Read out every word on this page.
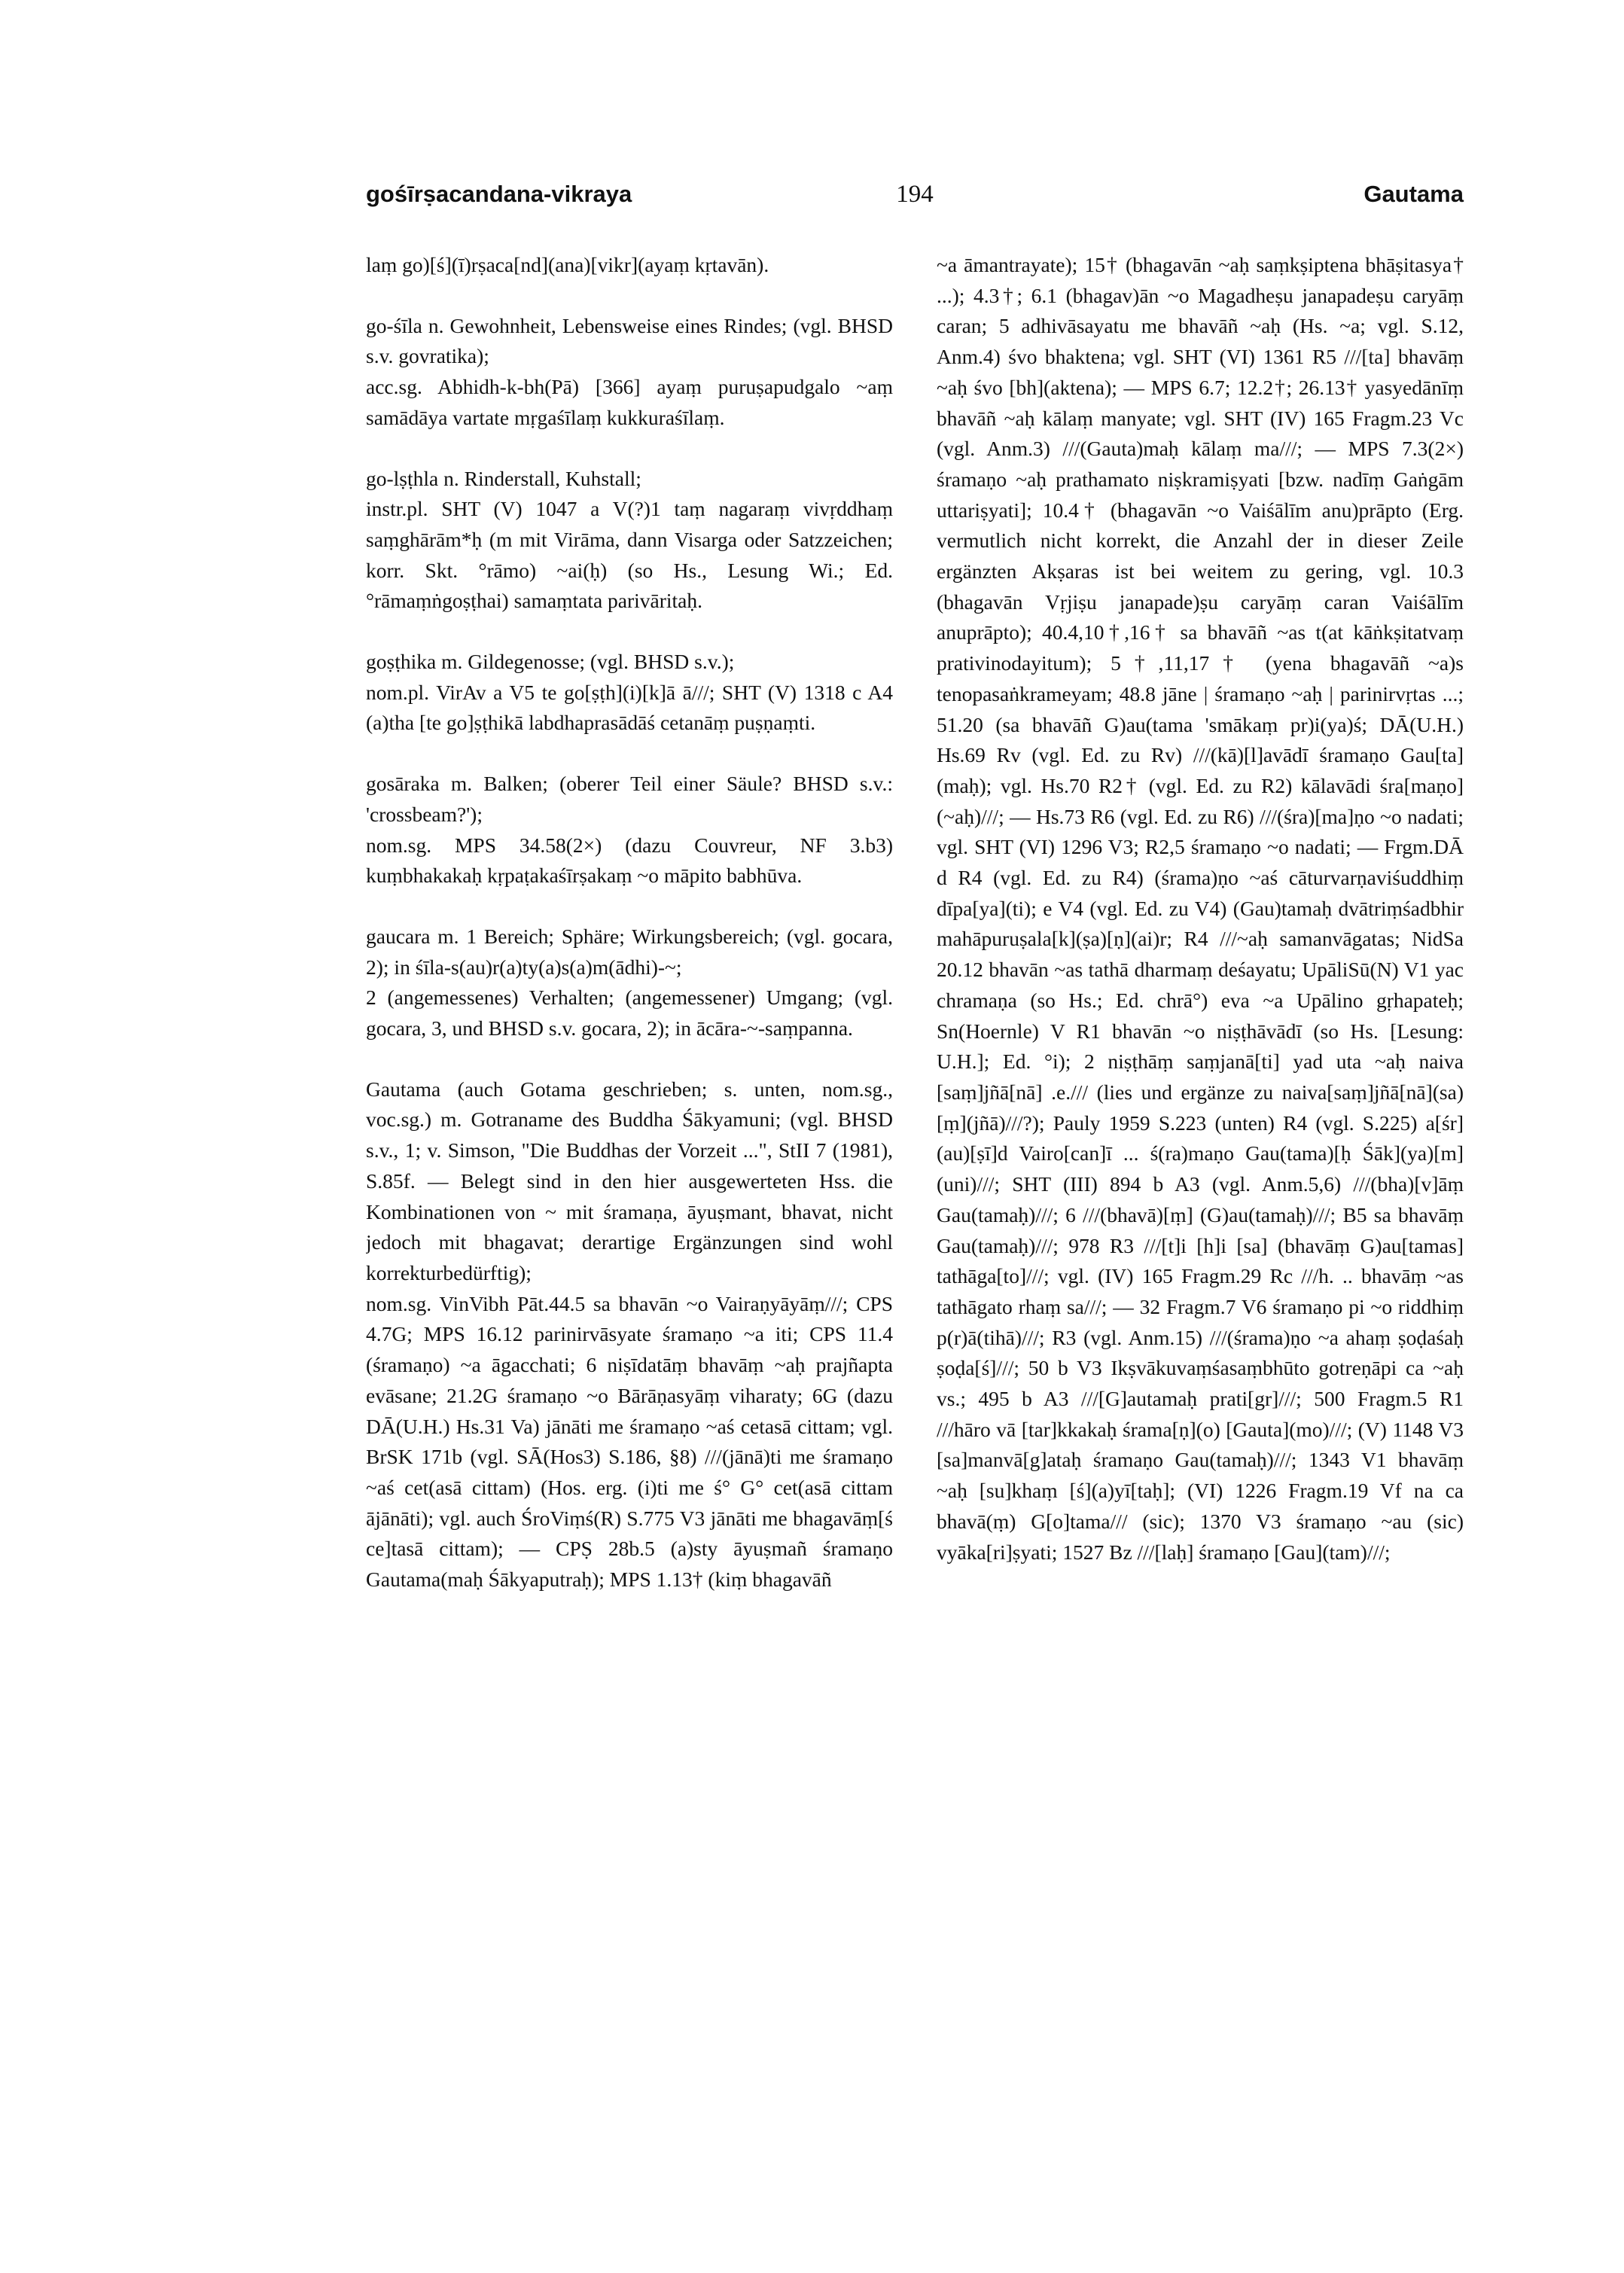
gośīrṣacandana-vikraya	194	Gautama

laṃ go)[ś](ī)rṣaca[nd](ana)[vikr](ayaṃ kṛtavān).

go-śīla n. Gewohnheit, Lebensweise eines Rindes; (vgl. BHSD s.v. govratika);

acc.sg. Abhidh-k-bh(Pā) [366] ayaṃ puruṣapudgalo ~aṃ samādāya vartate mṛgaśīlaṃ kukkuraśīlaṃ.

go-lṣṭhla n. Rinderstall, Kuhstall;

instr.pl. SHT (V) 1047 a V(?)1 taṃ nagaraṃ vivṛddhaṃ saṃghārām*ḥ (m mit Virāma, dann Visarga oder Satzzeichen; korr. Skt. °rāmo) ~ai(ḥ) (so Hs., Lesung Wi.; Ed. °rāmaṃṅgoṣṭhai) samaṃtata parivāritaḥ.

goṣṭhika m. Gildegenosse; (vgl. BHSD s.v.);

nom.pl. VirAv a V5 te go[ṣṭh](i)[k]ā ā///; SHT (V) 1318 c A4 (a)tha [te go]ṣṭhikā labdhaprasādāś cetanāṃ puṣṇaṃti.

gosāraka m. Balken; (oberer Teil einer Säule? BHSD s.v.: 'crossbeam?');

nom.sg. MPS 34.58(2×) (dazu Couvreur, NF 3.b3) kuṃbhakakaḥ kṛpaṭakaśīrṣakaṃ ~o māpito babhūva.

gaucara m. 1 Bereich; Sphäre; Wirkungsbereich; (vgl. gocara, 2); in śīla-s(au)r(a)ty(a)s(a)m(ādhi)-~;

2 (angemessenes) Verhalten; (angemessener) Umgang; (vgl. gocara, 3, und BHSD s.v. gocara, 2); in ācāra-~-saṃpanna.

Gautama (auch Gotama geschrieben; s. unten, nom.sg., voc.sg.) m. Gotraname des Buddha Śākyamuni; (vgl. BHSD s.v., 1; v. Simson, "Die Buddhas der Vorzeit ...", StII 7 (1981), S.85f. — Belegt sind in den hier ausgewerteten Hss. die Kombinationen von ~ mit śramaṇa, āyuṣmant, bhavat, nicht jedoch mit bhagavat; derartige Ergänzungen sind wohl korrekturbedürftig);

nom.sg. VinVibh Pāt.44.5 sa bhavān ~o Vairaṇyāyāṃ///; CPS 4.7G; MPS 16.12 parinirvāsyate śramaṇo ~a iti; CPS 11.4 (śramaṇo) ~a āgacchati; 6 niṣīdatāṃ bhavāṃ ~aḥ prajñapta evāsane; 21.2G śramaṇo ~o Bārāṇasyāṃ viharaty; 6G (dazu DĀ(U.H.) Hs.31 Va) jānāti me śramaṇo ~aś cetasā cittam; vgl. BrSK 171b (vgl. SĀ(Hos3) S.186, §8) ///(jānā)ti me śramaṇo ~aś cet(asā cittam) (Hos. erg. (i)ti me ś° G° cet(asā cittam ājānāti); vgl. auch ŚroViṃś(R) S.775 V3 jānāti me bhagavāṃ[ś ce]tasā cittam); — CPṢ 28b.5 (a)sty āyuṣmañ śramaṇo Gautama(maḥ Śākyaputraḥ); MPS 1.13† (kiṃ bhagavāñ

~a āmantrayate); 15† (bhagavān ~aḥ saṃkṣiptena bhāṣitasya† ...); 4.3†; 6.1 (bhagav)ān ~o Magadheṣu janapadeṣu caryāṃ caran; 5 adhivāsayatu me bhavāñ ~aḥ (Hs. ~a; vgl. S.12, Anm.4) śvo bhaktena; vgl. SHT (VI) 1361 R5 ///[ta] bhavāṃ ~aḥ śvo [bh](aktena); — MPS 6.7; 12.2†; 26.13† yasyedānīṃ bhavāñ ~aḥ kālaṃ manyate; vgl. SHT (IV) 165 Fragm.23 Vc (vgl. Anm.3) ///(Gauta)maḥ kālaṃ ma///; — MPS 7.3(2×) śramaṇo ~aḥ prathamato niṣkramiṣyati [bzw. nadīṃ Gaṅgām uttariṣyati]; 10.4† (bhagavān ~o Vaiśālīm anu)prāpto (Erg. vermutlich nicht korrekt, die Anzahl der in dieser Zeile ergänzten Akṣaras ist bei weitem zu gering, vgl. 10.3 (bhagavān Vṛjiṣu janapade)ṣu caryāṃ caran Vaiśālīm anuprāpto); 40.4,10†,16† sa bhavāñ ~as t(at kāṅkṣitatvaṃ prativinodayitum); 5†,11,17† (yena bhagavāñ ~a)s tenopasaṅkrameyam; 48.8 jāne | śramaṇo ~aḥ | parinirvṛtas ...; 51.20 (sa bhavāñ G)au(tama 'smākaṃ pr)i(ya)ś; DĀ(U.H.) Hs.69 Rv (vgl. Ed. zu Rv) ///(kā)[l]avādī śramaṇo Gau[ta](maḥ); vgl. Hs.70 R2† (vgl. Ed. zu R2) kālavādi śra[maṇo] (~aḥ)///; — Hs.73 R6 (vgl. Ed. zu R6) ///(śra)[ma]ṇo ~o nadati; vgl. SHT (VI) 1296 V3; R2,5 śramaṇo ~o nadati; — Frgm.DĀ d R4 (vgl. Ed. zu R4) (śrama)ṇo ~aś cāturvarṇaviśuddhiṃ dīpa[ya](ti); e V4 (vgl. Ed. zu V4) (Gau)tamaḥ dvātriṃśadbhir mahāpuruṣala[k](ṣa)[ṇ](ai)r; R4 ///~aḥ samanvāgatas; NidSa 20.12 bhavān ~as tathā dharmaṃ deśayatu; UpāliSū(N) V1 yac chramaṇa (so Hs.; Ed. chrā°) eva ~a Upālino gṛhapateḥ; Sn(Hoernle) V R1 bhavān ~o niṣṭhāvādī (so Hs. [Lesung: U.H.]; Ed. °i); 2 niṣṭhāṃ saṃjanā[ti] yad uta ~aḥ naiva [saṃ]jñā[nā] .e./// (lies und ergänze zu naiva[saṃ]jñā[nā](sa)[ṃ](jñā)///?); Pauly 1959 S.223 (unten) R4 (vgl. S.225) a[śr](au)[ṣī]d Vairo[can]ī ... ś(ra)maṇo Gau(tama)[ḥ Śāk](ya)[m](uni)///; SHT (III) 894 b A3 (vgl. Anm.5,6) ///(bha)[v]āṃ Gau(tamaḥ)///; 6 ///(bhavā)[ṃ] (G)au(tamaḥ)///; B5 sa bhavāṃ Gau(tamaḥ)///; 978 R3 ///[t]i [h]i [sa] (bhavāṃ G)au[tamas] tathāga[to]///; vgl. (IV) 165 Fragm.29 Rc ///h. .. bhavāṃ ~as tathāgato rhaṃ sa///; — 32 Fragm.7 V6 śramaṇo pi ~o riddhiṃ p(r)ā(tihā)///; R3 (vgl. Anm.15) ///(śrama)ṇo ~a ahaṃ ṣoḍaśaḥ ṣoḍa[ś]///; 50 b V3 Ikṣvākuvaṃśasaṃbhūto gotreṇāpi ca ~aḥ vs.; 495 b A3 ///[G]autamaḥ prati[gr]///; 500 Fragm.5 R1 ///hāro vā [tar]kkakaḥ śrama[ṇ](o) [Gauta](mo)///; (V) 1148 V3 [sa]manvā[g]ataḥ śramaṇo Gau(tamaḥ)///; 1343 V1 bhavāṃ ~aḥ [su]khaṃ [ś](a)yī[taḥ]; (VI) 1226 Fragm.19 Vf na ca bhavā(ṃ) G[o]tama/// (sic); 1370 V3 śramaṇo ~au (sic) vyāka[ri]ṣyati; 1527 Bz ///[laḥ] śramaṇo [Gau](tam)///;
